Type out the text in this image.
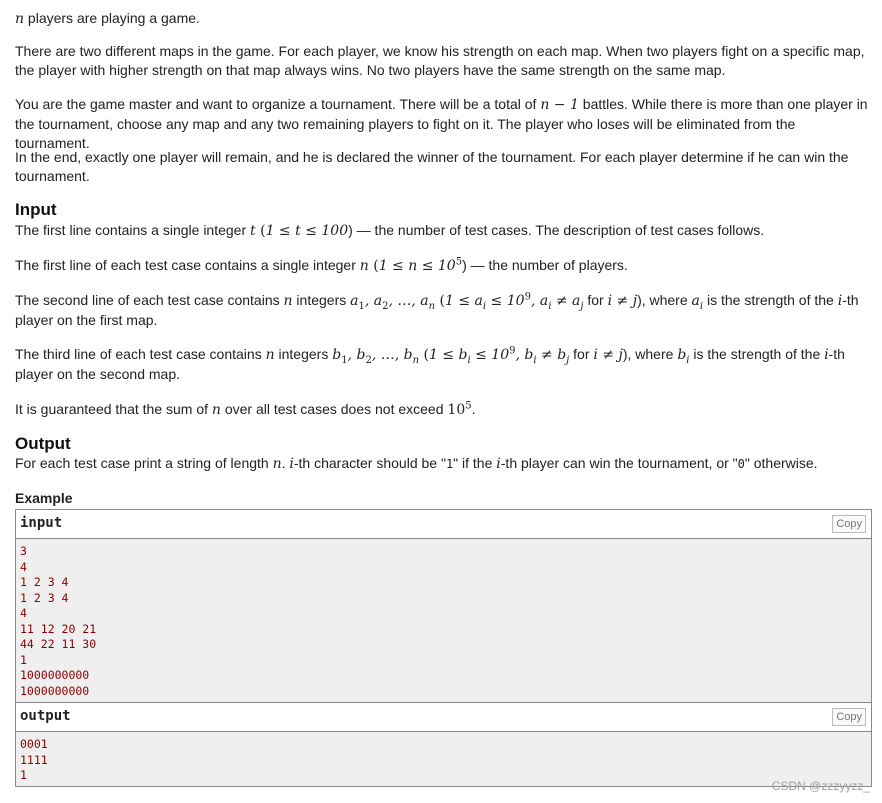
n players are playing a game.

There are two different maps in the game. For each player, we know his strength on each map. When two players fight on a specific map, the player with higher strength on that map always wins. No two players have the same strength on the same map.

You are the game master and want to organize a tournament. There will be a total of n − 1 battles. While there is more than one player in the tournament, choose any map and any two remaining players to fight on it. The player who loses will be eliminated from the tournament.

In the end, exactly one player will remain, and he is declared the winner of the tournament. For each player determine if he can win the tournament.

Input

The first line contains a single integer t (1 ≤ t ≤ 100) — the number of test cases. The description of test cases follows.

The first line of each test case contains a single integer n $(1 \le n \le 10^5)$ — the number of players.

The second line of each test case contains n integers $a_1$, $a_2$, …, $a_n$ ($1 \le a_i \le 10^9$, $a_i \ne a_j$ for i ≠ j), where $a_i$ is the strength of the i-th player on the first map.

The third line of each test case contains n integers $b_1$, $b_2$, …, $b_n$ ($1 \le b_i \le 10^9$, $b_i \ne b_j$ for i ≠ j), where $b_i$ is the strength of the i-th player on the second map.

It is guaranteed that the sum of n over all test cases does not exceed $10^5$.

Output

For each test case print a string of length n. i-th character should be "1" if the i-th player can win the tournament, or "0" otherwise.

Example
input	Copy
3
4
1 2 3 4
1 2 3 4
4
11 12 20 21
44 22 11 30
1
1000000000
1000000000
output	Copy
0001
1111
1
CSDN @zzzyyzz_
